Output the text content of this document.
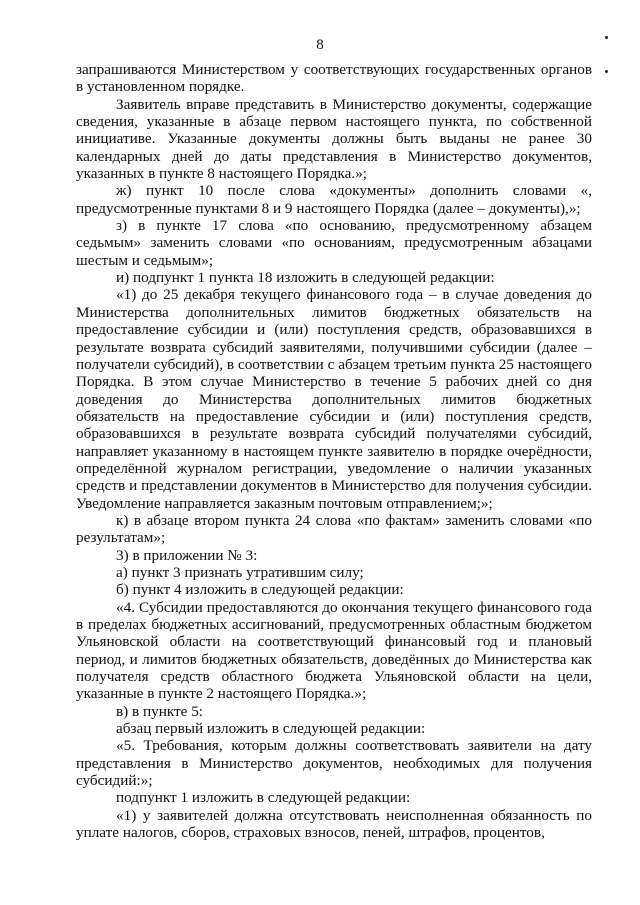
8

запрашиваются Министерством у соответствующих государственных органов в установленном порядке.

Заявитель вправе представить в Министерство документы, содержащие сведения, указанные в абзаце первом настоящего пункта, по собственной инициативе. Указанные документы должны быть выданы не ранее 30 календарных дней до даты представления в Министерство документов, указанных в пункте 8 настоящего Порядка.»;

ж) пункт 10 после слова «документы» дополнить словами «, предусмотренные пунктами 8 и 9 настоящего Порядка (далее – документы),»;

з) в пункте 17 слова «по основанию, предусмотренному абзацем седьмым» заменить словами «по основаниям, предусмотренным абзацами шестым и седьмым»;

и) подпункт 1 пункта 18 изложить в следующей редакции:

«1) до 25 декабря текущего финансового года – в случае доведения до Министерства дополнительных лимитов бюджетных обязательств на предоставление субсидии и (или) поступления средств, образовавшихся в результате возврата субсидий заявителями, получившими субсидии (далее – получатели субсидий), в соответствии с абзацем третьим пункта 25 настоящего Порядка. В этом случае Министерство в течение 5 рабочих дней со дня доведения до Министерства дополнительных лимитов бюджетных обязательств на предоставление субсидии и (или) поступления средств, образовавшихся в результате возврата субсидий получателями субсидий, направляет указанному в настоящем пункте заявителю в порядке очерёдности, определённой журналом регистрации, уведомление о наличии указанных средств и представлении документов в Министерство для получения субсидии. Уведомление направляется заказным почтовым отправлением;»;

к) в абзаце втором пункта 24 слова «по фактам» заменить словами «по результатам»;

3) в приложении № 3:

а) пункт 3 признать утратившим силу;

б) пункт 4 изложить в следующей редакции:

«4. Субсидии предоставляются до окончания текущего финансового года в пределах бюджетных ассигнований, предусмотренных областным бюджетом Ульяновской области на соответствующий финансовый год и плановый период, и лимитов бюджетных обязательств, доведённых до Министерства как получателя средств областного бюджета Ульяновской области на цели, указанные в пункте 2 настоящего Порядка.»;

в) в пункте 5:

абзац первый изложить в следующей редакции:

«5. Требования, которым должны соответствовать заявители на дату представления в Министерство документов, необходимых для получения субсидий:»;

подпункт 1 изложить в следующей редакции:

«1) у заявителей должна отсутствовать неисполненная обязанность по уплате налогов, сборов, страховых взносов, пеней, штрафов, процентов,
